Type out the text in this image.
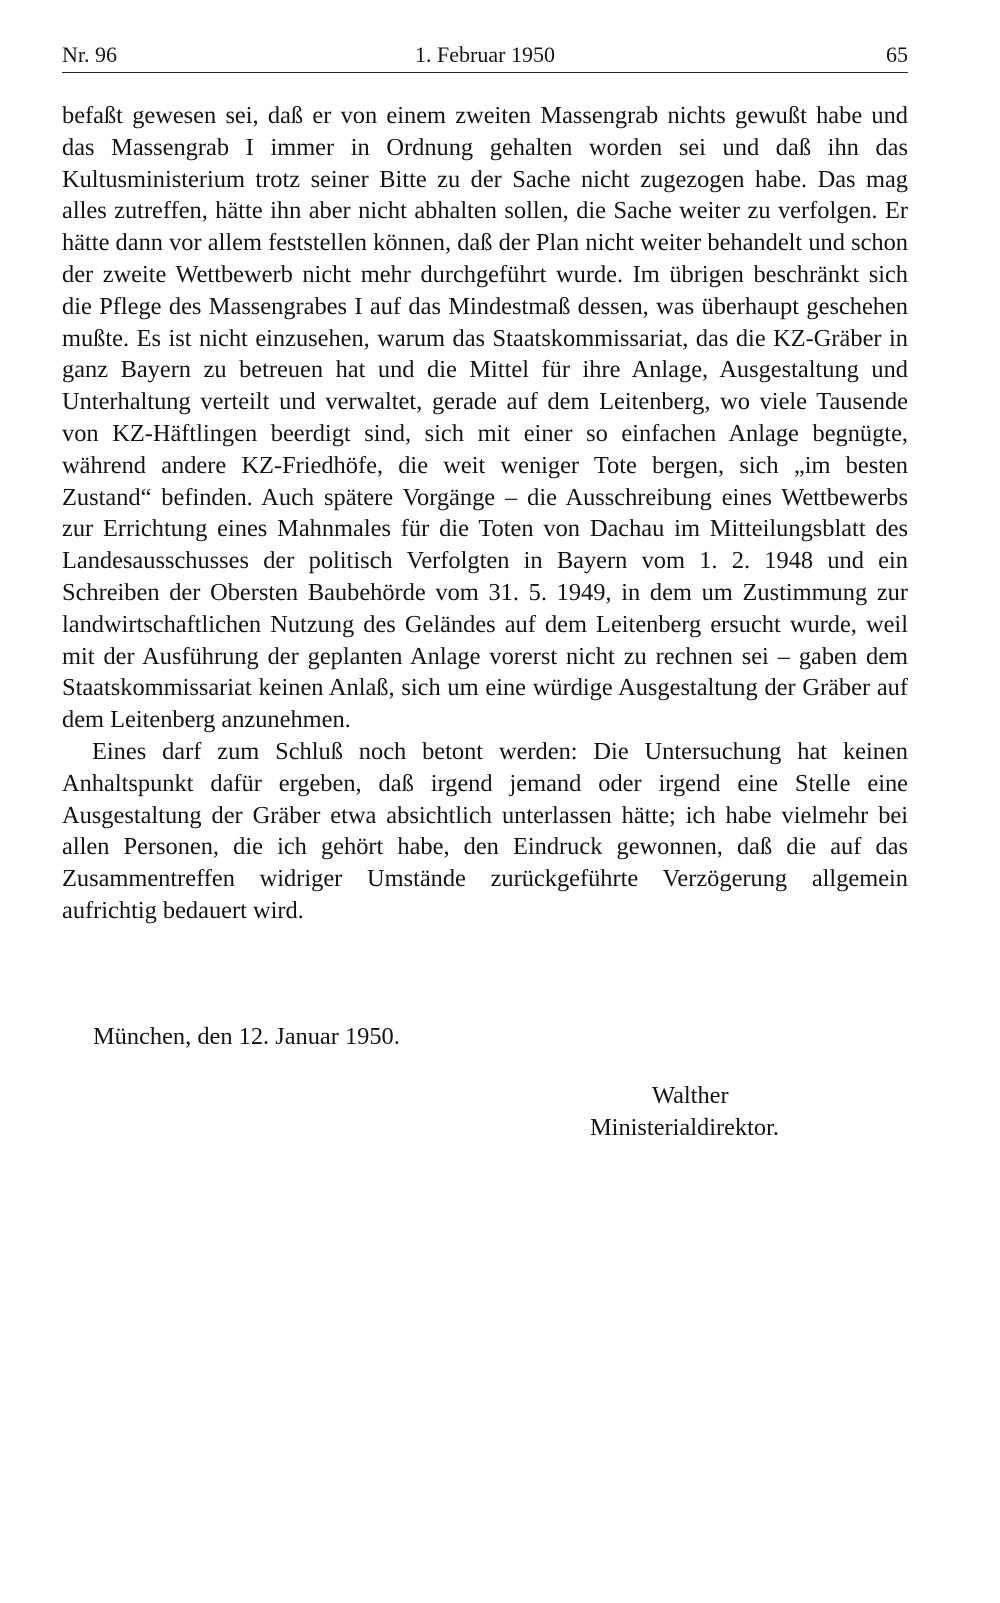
Nr. 96	1. Februar 1950	65

befaßt gewesen sei, daß er von einem zweiten Massengrab nichts gewußt habe und das Massengrab I immer in Ordnung gehalten worden sei und daß ihn das Kultusministerium trotz seiner Bitte zu der Sache nicht zugezogen habe. Das mag alles zutreffen, hätte ihn aber nicht abhalten sollen, die Sache weiter zu verfolgen. Er hätte dann vor allem feststellen können, daß der Plan nicht weiter behandelt und schon der zweite Wettbewerb nicht mehr durchgeführt wurde. Im übrigen beschränkt sich die Pflege des Massengrabes I auf das Mindestmaß dessen, was überhaupt geschehen mußte. Es ist nicht einzusehen, warum das Staatskommissariat, das die KZ-Gräber in ganz Bayern zu betreuen hat und die Mittel für ihre Anlage, Ausgestaltung und Unterhaltung verteilt und verwaltet, gerade auf dem Leitenberg, wo viele Tausende von KZ-Häftlingen beerdigt sind, sich mit einer so einfachen Anlage begnügte, während andere KZ-Friedhöfe, die weit weniger Tote bergen, sich „im besten Zustand“ befinden. Auch spätere Vorgänge – die Ausschreibung eines Wettbewerbs zur Errichtung eines Mahnmales für die Toten von Dachau im Mitteilungsblatt des Landesausschusses der politisch Verfolgten in Bayern vom 1. 2. 1948 und ein Schreiben der Obersten Baubehörde vom 31. 5. 1949, in dem um Zustimmung zur landwirtschaftlichen Nutzung des Geländes auf dem Leitenberg ersucht wurde, weil mit der Ausführung der geplanten Anlage vorerst nicht zu rechnen sei – gaben dem Staatskommissariat keinen Anlaß, sich um eine würdige Ausgestaltung der Gräber auf dem Leitenberg anzunehmen.

Eines darf zum Schluß noch betont werden: Die Untersuchung hat keinen Anhaltspunkt dafür ergeben, daß irgend jemand oder irgend eine Stelle eine Ausgestaltung der Gräber etwa absichtlich unterlassen hätte; ich habe vielmehr bei allen Personen, die ich gehört habe, den Eindruck gewonnen, daß die auf das Zusammentreffen widriger Umstände zurückgeführte Verzögerung allgemein aufrichtig bedauert wird.

München, den 12. Januar 1950.
Walther
Ministerialdirektor.
